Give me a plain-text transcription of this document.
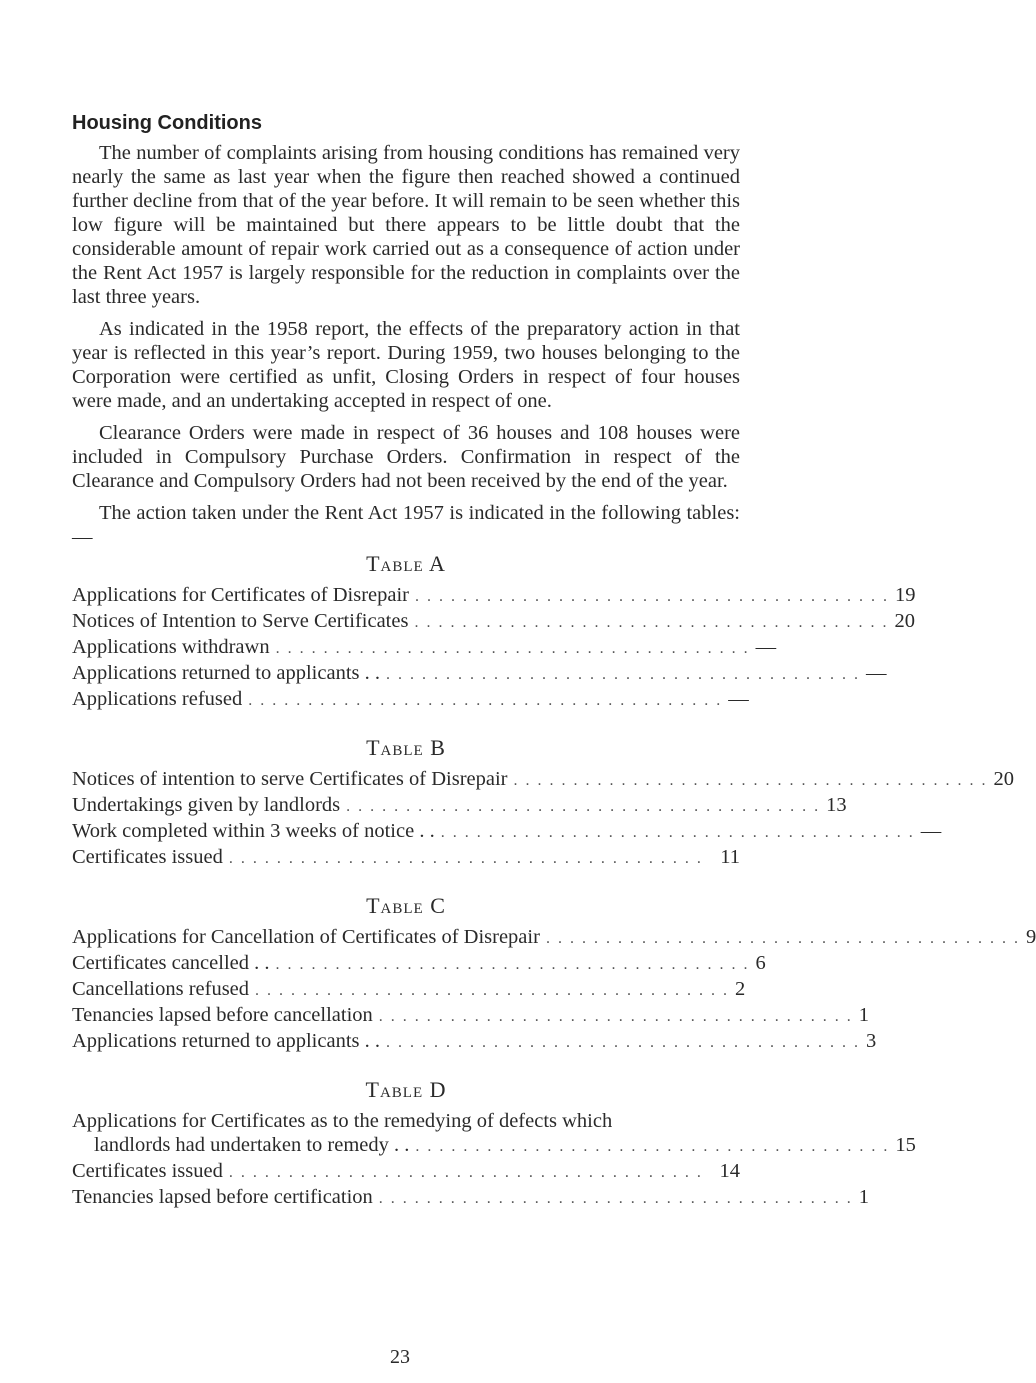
Housing Conditions

The number of complaints arising from housing conditions has remained very nearly the same as last year when the figure then reached showed a continued further decline from that of the year before. It will remain to be seen whether this low figure will be maintained but there appears to be little doubt that the considerable amount of repair work carried out as a consequence of action under the Rent Act 1957 is largely responsible for the reduction in complaints over the last three years.

As indicated in the 1958 report, the effects of the preparatory action in that year is reflected in this year’s report. During 1959, two houses belonging to the Corporation were certified as unfit, Closing Orders in respect of four houses were made, and an undertaking accepted in respect of one.

Clearance Orders were made in respect of 36 houses and 108 houses were included in Compulsory Purchase Orders. Confirmation in respect of the Clearance and Compulsory Orders had not been received by the end of the year.

The action taken under the Rent Act 1957 is indicated in the following tables:—

Table A
Applications for Certificates of Disrepair . . . . . . . . . . . . . . . . . . . . . . . . . . . . . . . . . . . . . . . . 19
Notices of Intention to Serve Certificates . . . . . . . . . . . . . . . . . . . . . . . . . . . . . . . . . . . . . . . . 20
Applications withdrawn . . . . . . . . . . . . . . . . . . . . . . . . . . . . . . . . . . . . . . . . —
Applications returned to applicants . . . . . . . . . . . . . . . . . . . . . . . . . . . . . . . . . . . . . . . . . . —
Applications refused . . . . . . . . . . . . . . . . . . . . . . . . . . . . . . . . . . . . . . . . —
Table B
Notices of intention to serve Certificates of Disrepair . . . . . . . . . . . . . . . . . . . . . . . . . . . . . . . . . . . . . . . . 20
Undertakings given by landlords . . . . . . . . . . . . . . . . . . . . . . . . . . . . . . . . . . . . . . . . 13
Work completed within 3 weeks of notice . . . . . . . . . . . . . . . . . . . . . . . . . . . . . . . . . . . . . . . . . . —
Certificates issued . . . . . . . . . . . . . . . . . . . . . . . . . . . . . . . . . . . . . . . . 11
Table C
Applications for Cancellation of Certificates of Disrepair . . . . . . . . . . . . . . . . . . . . . . . . . . . . . . . . . . . . . . . . 9
Certificates cancelled . . . . . . . . . . . . . . . . . . . . . . . . . . . . . . . . . . . . . . . . . . 6
Cancellations refused . . . . . . . . . . . . . . . . . . . . . . . . . . . . . . . . . . . . . . . . 2
Tenancies lapsed before cancellation . . . . . . . . . . . . . . . . . . . . . . . . . . . . . . . . . . . . . . . . 1
Applications returned to applicants . . . . . . . . . . . . . . . . . . . . . . . . . . . . . . . . . . . . . . . . . . 3
Table D
Applications for Certificates as to the remedying of defects which
landlords had undertaken to remedy . . . . . . . . . . . . . . . . . . . . . . . . . . . . . . . . . . . . . . . . . . 15
Certificates issued . . . . . . . . . . . . . . . . . . . . . . . . . . . . . . . . . . . . . . . . 14
Tenancies lapsed before certification . . . . . . . . . . . . . . . . . . . . . . . . . . . . . . . . . . . . . . . . 1
23
